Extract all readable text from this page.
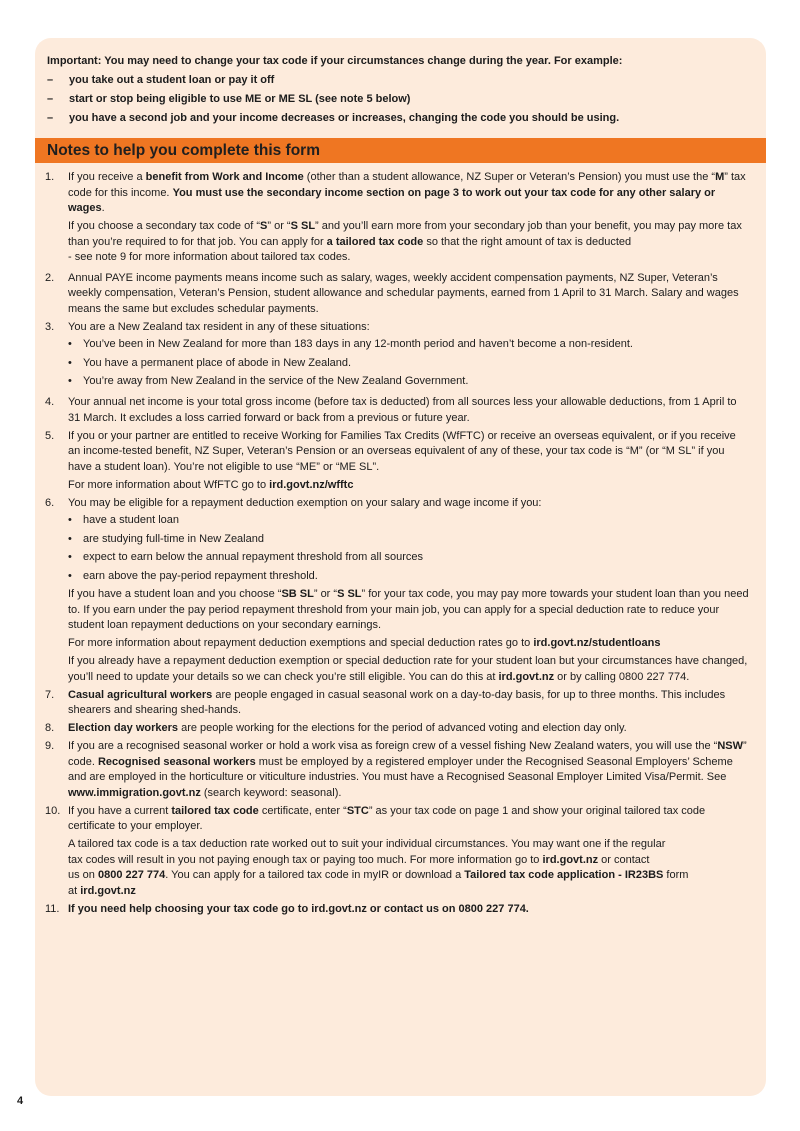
Important: You may need to change your tax code if your circumstances change during the year. For example:
–	you take out a student loan or pay it off
–	start or stop being eligible to use ME or ME SL (see note 5 below)
–	you have a second job and your income decreases or increases, changing the code you should be using.
Notes to help you complete this form
1.	If you receive a benefit from Work and Income (other than a student allowance, NZ Super or Veteran’s Pension) you must use the “M” tax code for this income. You must use the secondary income section on page 3 to work out your tax code for any other salary or wages.
If you choose a secondary tax code of “S” or “S SL” and you’ll earn more from your secondary job than your benefit, you may pay more tax than you’re required to for that job. You can apply for a tailored tax code so that the right amount of tax is deducted
- see note 9 for more information about tailored tax codes.
2.	Annual PAYE income payments means income such as salary, wages, weekly accident compensation payments, NZ Super, Veteran’s weekly compensation, Veteran’s Pension, student allowance and schedular payments, earned from 1 April to 31 March. Salary and wages means the same but excludes schedular payments.
3.	You are a New Zealand tax resident in any of these situations:
•	You’ve been in New Zealand for more than 183 days in any 12-month period and haven’t become a non-resident.
•	You have a permanent place of abode in New Zealand.
•	You’re away from New Zealand in the service of the New Zealand Government.
4.	Your annual net income is your total gross income (before tax is deducted) from all sources less your allowable deductions, from 1 April to 31 March. It excludes a loss carried forward or back from a previous or future year.
5.	If you or your partner are entitled to receive Working for Families Tax Credits (WfFTC) or receive an overseas equivalent, or if you receive an income-tested benefit, NZ Super, Veteran’s Pension or an overseas equivalent of any of these, your tax code is “M” (or “M SL” if you have a student loan). You’re not eligible to use “ME” or “ME SL”.
For more information about WfFTC go to ird.govt.nz/wfftc
6.	You may be eligible for a repayment deduction exemption on your salary and wage income if you:
•	have a student loan
•	are studying full-time in New Zealand
•	expect to earn below the annual repayment threshold from all sources
•	earn above the pay-period repayment threshold.
If you have a student loan and you choose “SB SL” or “S SL” for your tax code, you may pay more towards your student loan than you need to. If you earn under the pay period repayment threshold from your main job, you can apply for a special deduction rate to reduce your student loan repayment deductions on your secondary earnings.
For more information about repayment deduction exemptions and special deduction rates go to ird.govt.nz/studentloans
If you already have a repayment deduction exemption or special deduction rate for your student loan but your circumstances have changed, you’ll need to update your details so we can check you’re still eligible. You can do this at ird.govt.nz or by calling 0800 227 774.
7.	Casual agricultural workers are people engaged in casual seasonal work on a day-to-day basis, for up to three months. This includes shearers and shearing shed-hands.
8.	Election day workers are people working for the elections for the period of advanced voting and election day only.
9.	If you are a recognised seasonal worker or hold a work visa as foreign crew of a vessel fishing New Zealand waters, you will use the “NSW” code. Recognised seasonal workers must be employed by a registered employer under the Recognised Seasonal Employers’ Scheme and are employed in the horticulture or viticulture industries. You must have a Recognised Seasonal Employer Limited Visa/Permit. See www.immigration.govt.nz (search keyword: seasonal).
10. If you have a current tailored tax code certificate, enter “STC” as your tax code on page 1 and show your original tailored tax code certificate to your employer.
A tailored tax code is a tax deduction rate worked out to suit your individual circumstances. You may want one if the regular
tax codes will result in you not paying enough tax or paying too much. For more information go to ird.govt.nz or contact
us on 0800 227 774. You can apply for a tailored tax code in myIR or download a Tailored tax code application - IR23BS form
at ird.govt.nz
11. If you need help choosing your tax code go to ird.govt.nz or contact us on 0800 227 774.
4
